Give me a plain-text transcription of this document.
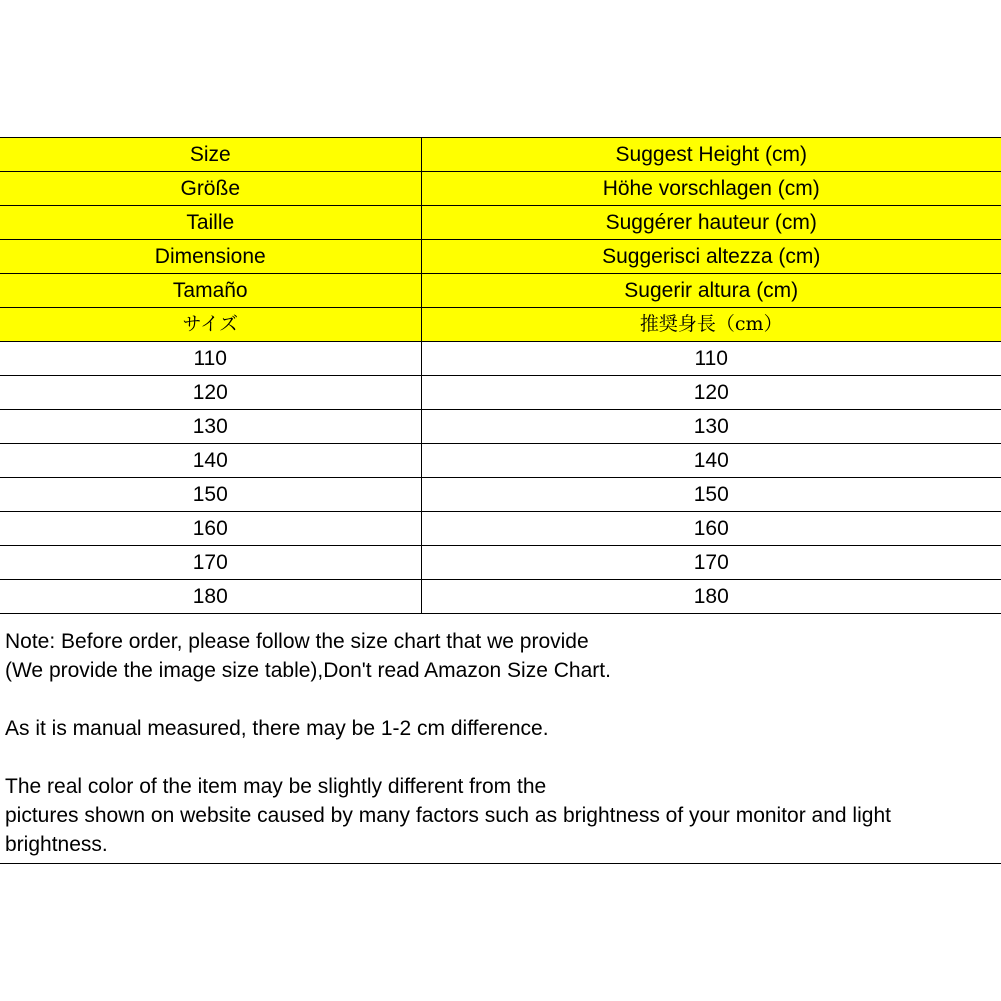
Size	Suggest Height (cm)
Größe	Höhe vorschlagen (cm)
Taille	Suggérer hauteur (cm)
Dimensione	Suggerisci altezza (cm)
Tamaño	Sugerir altura (cm)
サイズ	推奨身長（cm）
110	110
120	120
130	130
140	140
150	150
160	160
170	170
180	180

Note: Before order, please follow the size chart that we provide

(We provide the image size table),Don't read Amazon Size Chart.

As it is manual measured, there may be 1-2 cm difference.

The real color of the item may be slightly different from the

pictures shown on website caused by many factors such as brightness of your monitor and light brightness.
